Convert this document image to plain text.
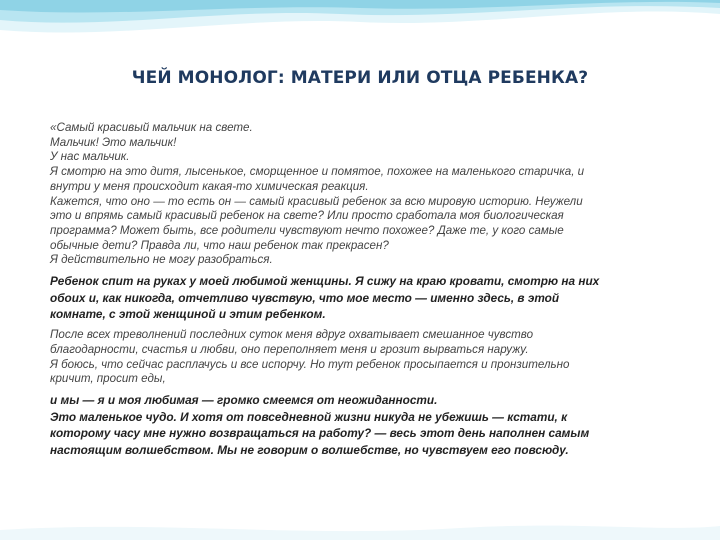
ЧЕЙ МОНОЛОГ: МАТЕРИ ИЛИ ОТЦА РЕБЕНКА?
«Самый красивый мальчик на свете.
Мальчик! Это мальчик!
У нас мальчик.
Я смотрю на это дитя, лысенькое, сморщенное и помятое, похожее на маленького старичка, и
внутри у меня происходит какая-то химическая реакция.
Кажется, что оно — то есть он — самый красивый ребенок за всю мировую историю. Неужели
это и впрямь самый красивый ребенок на свете? Или просто сработала моя биологическая
программа? Может быть, все родители чувствуют нечто похожее? Даже те, у кого самые
обычные дети? Правда ли, что наш ребенок так прекрасен?
Я действительно не могу разобраться.
Ребенок спит на руках у моей любимой женщины. Я сижу на краю кровати, смотрю на них
обоих и, как никогда, отчетливо чувствую, что мое место — именно здесь, в этой
комнате, с этой женщиной и этим ребенком.
После всех треволнений последних суток меня вдруг охватывает смешанное чувство
благодарности, счастья и любви, оно переполняет меня и грозит вырваться наружу.
Я боюсь, что сейчас расплачусь и все испорчу. Но тут ребенок просыпается и пронзительно
кричит, просит еды,
и мы — я и моя любимая — громко смеемся от неожиданности.
Это маленькое чудо. И хотя от повседневной жизни никуда не убежишь — кстати, к
которому часу мне нужно возвращаться на работу? — весь этот день наполнен самым
настоящим волшебством. Мы не говорим о волшебстве, но чувствуем его повсюду.
